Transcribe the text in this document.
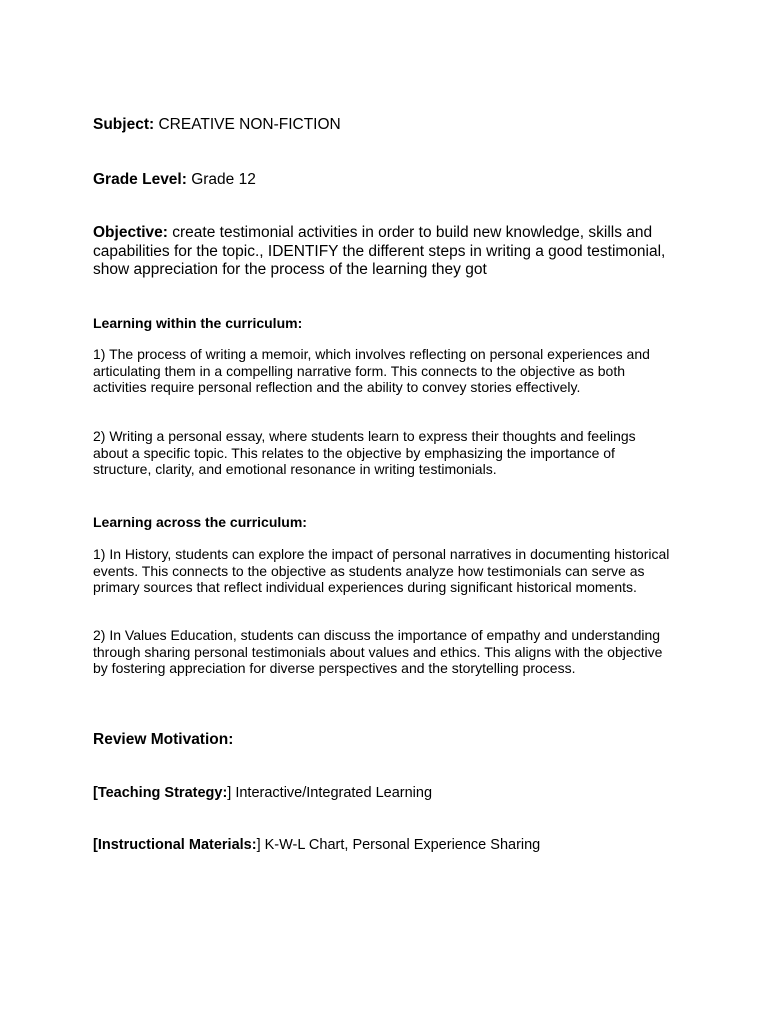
Subject: CREATIVE NON-FICTION
Grade Level: Grade 12
Objective: create testimonial activities in order to build new knowledge, skills and capabilities for the topic., IDENTIFY the different steps in writing a good testimonial, show appreciation for the process of the learning they got
Learning within the curriculum:
1) The process of writing a memoir, which involves reflecting on personal experiences and articulating them in a compelling narrative form. This connects to the objective as both activities require personal reflection and the ability to convey stories effectively.
2) Writing a personal essay, where students learn to express their thoughts and feelings about a specific topic. This relates to the objective by emphasizing the importance of structure, clarity, and emotional resonance in writing testimonials.
Learning across the curriculum:
1) In History, students can explore the impact of personal narratives in documenting historical events. This connects to the objective as students analyze how testimonials can serve as primary sources that reflect individual experiences during significant historical moments.
2) In Values Education, students can discuss the importance of empathy and understanding through sharing personal testimonials about values and ethics. This aligns with the objective by fostering appreciation for diverse perspectives and the storytelling process.
Review Motivation:
[Teaching Strategy:] Interactive/Integrated Learning
[Instructional Materials:] K-W-L Chart, Personal Experience Sharing
